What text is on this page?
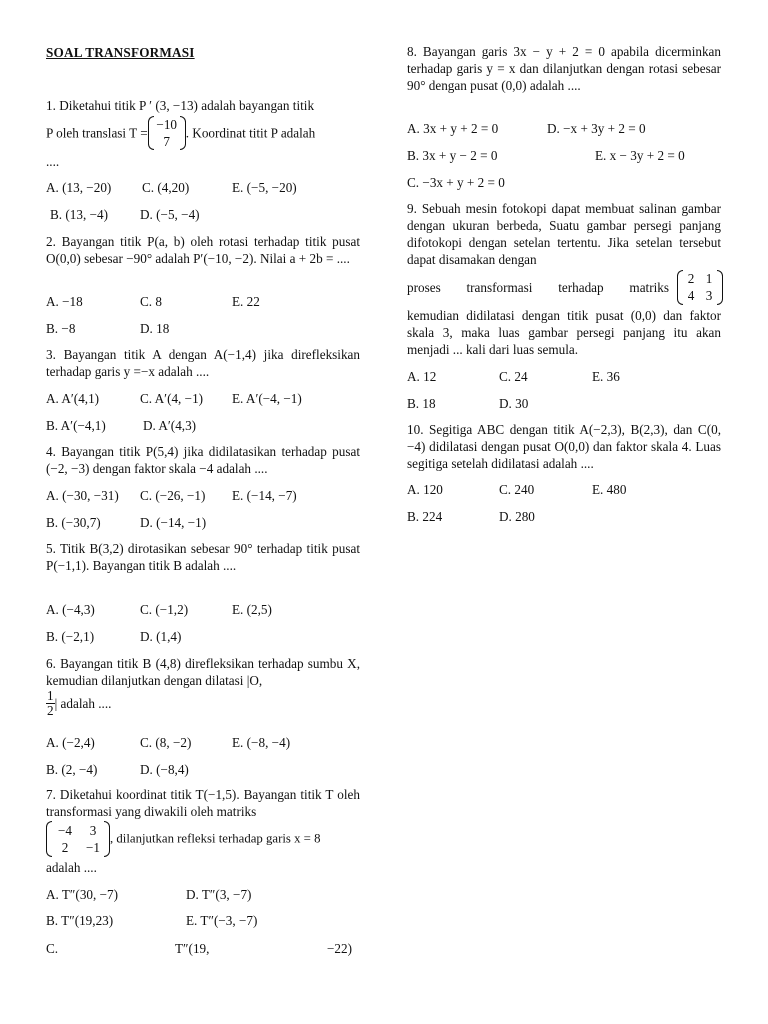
SOAL TRANSFORMASI
1. Diketahui titik P ′ (3, −13) adalah bayangan titik
P oleh translasi T =
−10
7
. Koordinat titit P adalah
....
A. (13, −20) C. (4,20)	E. (−5, −20)
B. (13, −4) D. (−5, −4)
2. Bayangan titik P(a, b) oleh rotasi terhadap titik pusat O(0,0) sebesar −90° adalah P′(−10, −2). Nilai a + 2b = ....
A. −18	C. 8	E. 22
B. −8	D. 18
3. Bayangan titik A dengan A(−1,4) jika direfleksikan terhadap garis y =−x adalah ....
A. A′(4,1)	C. A′(4, −1) E. A′(−4, −1)
B. A′(−4,1)	D. A′(4,3)
4. Bayangan titik P(5,4) jika didilatasikan terhadap pusat (−2, −3) dengan faktor skala −4 adalah ....
A. (−30, −31) C. (−26, −1) E. (−14, −7)
B. (−30,7)	D. (−14, −1)
5. Titik B(3,2) dirotasikan sebesar 90° terhadap titik pusat P(−1,1). Bayangan titik B adalah ....
A. (−4,3)	C. (−1,2)	E. (2,5)
B. (−2,1)	D. (1,4)
6. Bayangan titik B (4,8) direfleksikan terhadap sumbu X, kemudian dilanjutkan dengan dilatasi |O,
$\frac{1}{2}$ | adalah ....
A. (−2,4)	C. (8, −2)	E. (−8, −4)
B. (2, −4)	D. (−8,4)
7. Diketahui koordinat titik T(−1,5). Bayangan titik T oleh transformasi yang diwakili oleh matriks
−4	3
2	−1
, dilanjutkan refleksi terhadap garis x = 8
adalah ....
A. T″(30, −7)	D. T″(3, −7)
B. T″(19,23)	E. T″(−3, −7)
C.	T″(19,	−22)
8. Bayangan garis 3x − y + 2 = 0 apabila dicerminkan terhadap garis y = x dan dilanjutkan dengan rotasi sebesar 90° dengan pusat (0,0) adalah ....
A. 3x + y + 2 = 0	D. −x + 3y + 2 = 0
B. 3x + y − 2 = 0	E. x − 3y + 2 = 0
C. −3x + y + 2 = 0
9. Sebuah mesin fotokopi dapat membuat salinan gambar dengan ukuran berbeda, Suatu gambar persegi panjang difotokopi dengan setelan tertentu. Jika setelan tersebut dapat disamakan dengan
proses transformasi terhadap matriks
2 1
4 3
kemudian didilatasi dengan titik pusat (0,0) dan faktor skala 3, maka luas gambar persegi panjang itu akan menjadi ... kali dari luas semula.
A. 12	C. 24	E. 36
B. 18	D. 30
10. Segitiga ABC dengan titik A(−2,3), B(2,3), dan C(0, −4) didilatasi dengan pusat O(0,0) dan faktor skala 4. Luas segitiga setelah didilatasi adalah ....
A. 120	C. 240	E. 480
B. 224	D. 280
